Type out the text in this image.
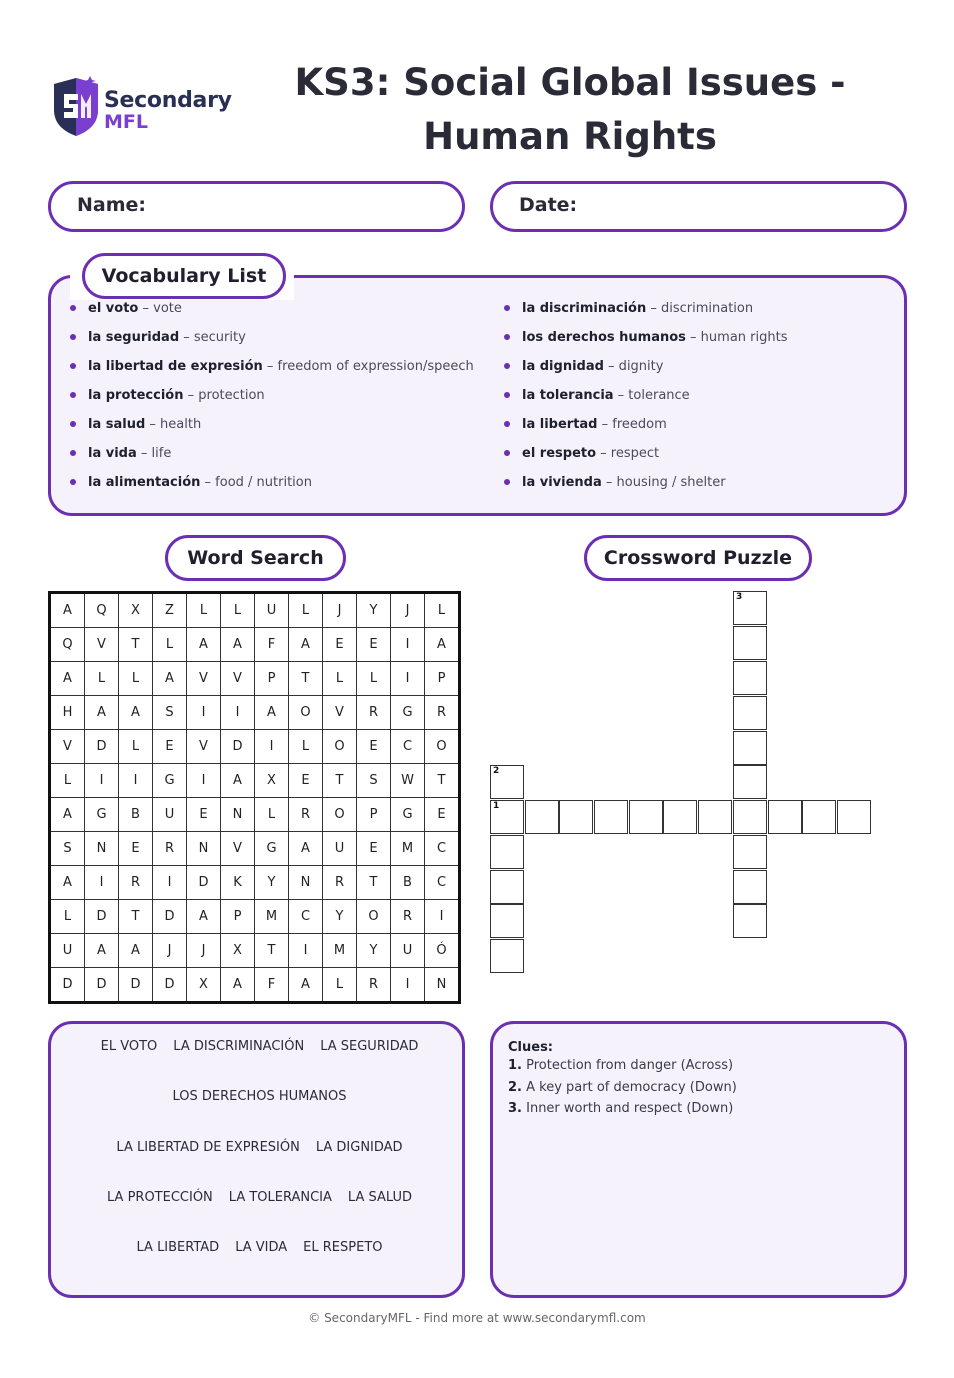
Secondary
MFL
KS3: Social Global Issues - Human Rights
Name:	Date:
Vocabulary List
el voto – vote
la seguridad – security
la libertad de expresión – freedom of expression/speech
la protección – protection
la salud – health
la vida – life
la alimentación – food / nutrition
la discriminación – discrimination
los derechos humanos – human rights
la dignidad – dignity
la tolerancia – tolerance
la libertad – freedom
el respeto – respect
la vivienda – housing / shelter
Word Search
A	Q	X	Z	L	L	U	L	J	Y	J	L
Q	V	T	L	A	A	F	A	E	E	I	A
A	L	L	A	V	V	P	T	L	L	I	P
H	A	A	S	I	I	A	O	V	R	G	R
V	D	L	E	V	D	I	L	O	E	C	O
L	I	I	G	I	A	X	E	T	S	W	T
A	G	B	U	E	N	L	R	O	P	G	E
S	N	E	R	N	V	G	A	U	E	M	C
A	I	R	I	D	K	Y	N	R	T	B	C
L	D	T	D	A	P	M	C	Y	O	R	I
U	A	A	J	J	X	T	I	M	Y	U	Ó
D	D	D	D	X	A	F	A	L	R	I	N
EL VOTO LA DISCRIMINACIÓN LA SEGURIDAD
LOS DERECHOS HUMANOS
LA LIBERTAD DE EXPRESIÓN LA DIGNIDAD
LA PROTECCIÓN LA TOLERANCIA LA SALUD
LA LIBERTAD LA VIDA EL RESPETO
Crossword Puzzle
3
2
1
Clues:
1. Protection from danger (Across)
2. A key part of democracy (Down)
3. Inner worth and respect (Down)
© SecondaryMFL - Find more at www.secondarymfl.com
